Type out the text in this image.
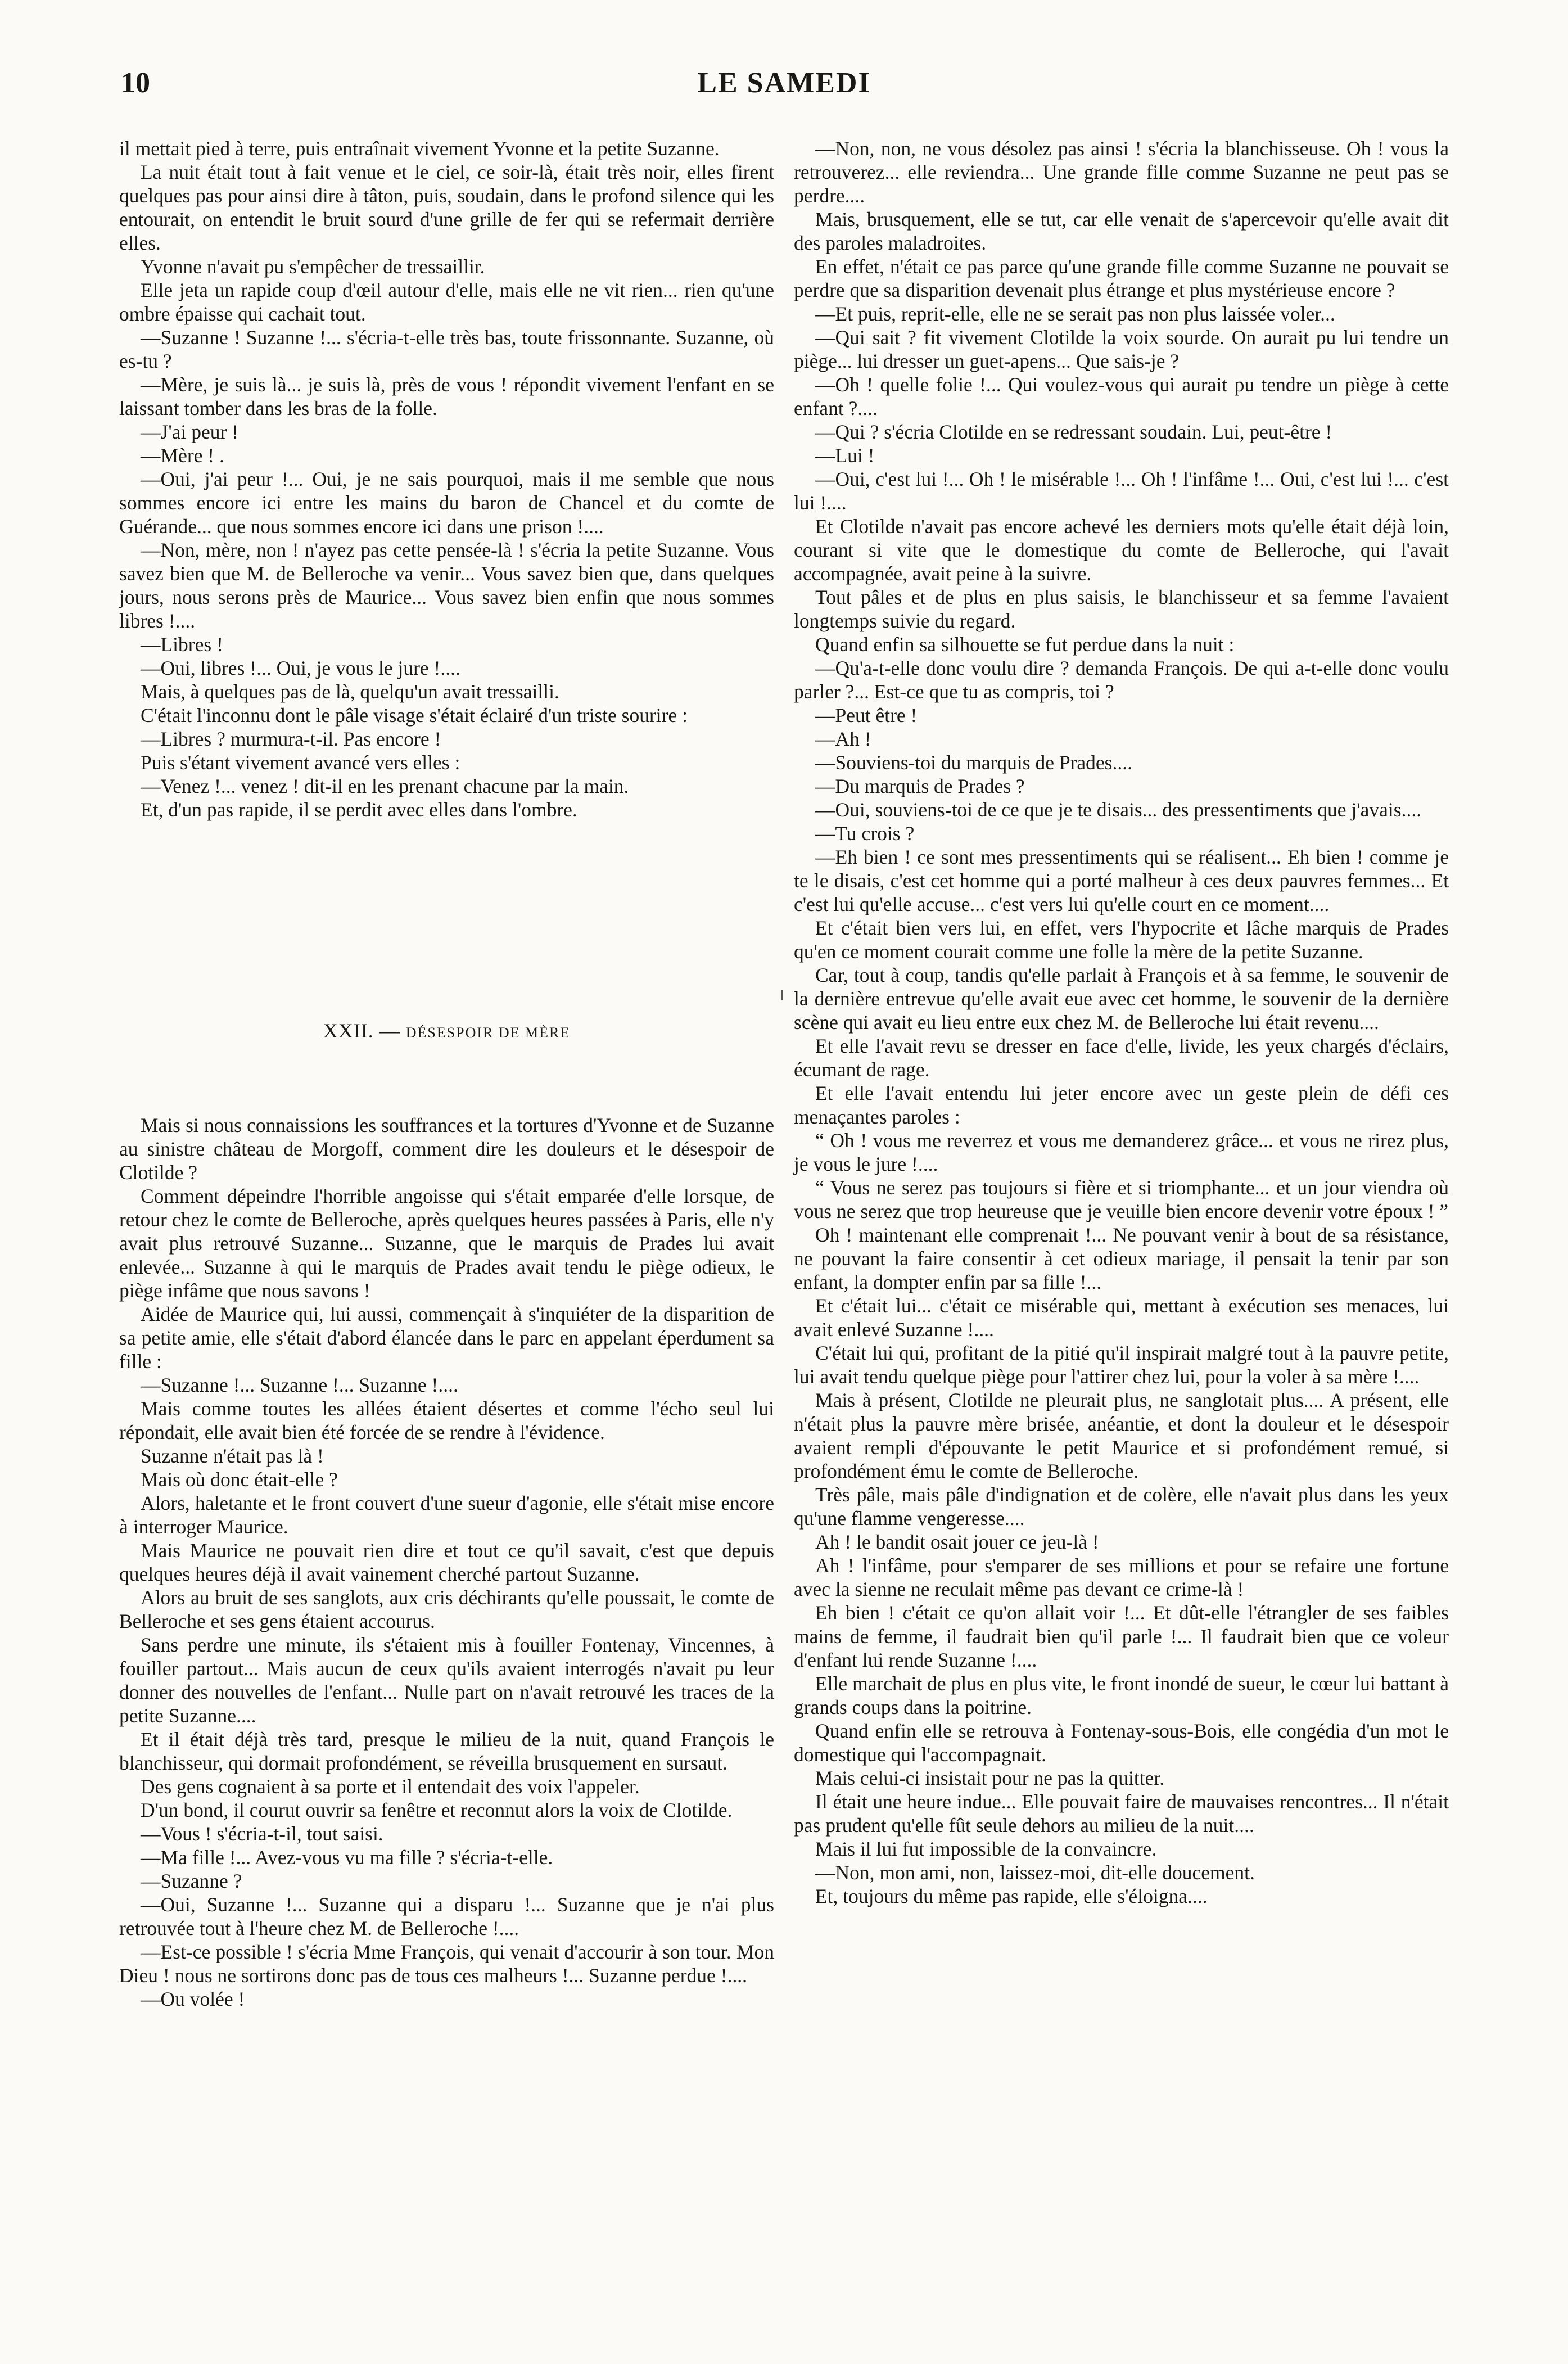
10	LE SAMEDI

il mettait pied à terre, puis entraînait vivement Yvonne et la petite Suzanne.

La nuit était tout à fait venue et le ciel, ce soir-là, était très noir, elles firent quelques pas pour ainsi dire à tâton, puis, soudain, dans le profond silence qui les entourait, on entendit le bruit sourd d'une grille de fer qui se refermait derrière elles.

Yvonne n'avait pu s'empêcher de tressaillir.

Elle jeta un rapide coup d'œil autour d'elle, mais elle ne vit rien... rien qu'une ombre épaisse qui cachait tout.

—Suzanne ! Suzanne !... s'écria-t-elle très bas, toute frissonnante. Suzanne, où es-tu ?

—Mère, je suis là... je suis là, près de vous ! répondit vivement l'enfant en se laissant tomber dans les bras de la folle.

—J'ai peur !

—Mère ! .

—Oui, j'ai peur !... Oui, je ne sais pourquoi, mais il me semble que nous sommes encore ici entre les mains du baron de Chancel et du comte de Guérande... que nous sommes encore ici dans une prison !....

—Non, mère, non ! n'ayez pas cette pensée-là ! s'écria la petite Suzanne. Vous savez bien que M. de Belleroche va venir... Vous savez bien que, dans quelques jours, nous serons près de Maurice... Vous savez bien enfin que nous sommes libres !....

—Libres !

—Oui, libres !... Oui, je vous le jure !....

Mais, à quelques pas de là, quelqu'un avait tressailli.

C'était l'inconnu dont le pâle visage s'était éclairé d'un triste sourire :

—Libres ? murmura-t-il. Pas encore !

Puis s'étant vivement avancé vers elles :

—Venez !... venez ! dit-il en les prenant chacune par la main.

Et, d'un pas rapide, il se perdit avec elles dans l'ombre.

XXII. — DÉSESPOIR DE MÈRE

Mais si nous connaissions les souffrances et la tortures d'Yvonne et de Suzanne au sinistre château de Morgoff, comment dire les douleurs et le désespoir de Clotilde ?

Comment dépeindre l'horrible angoisse qui s'était emparée d'elle lorsque, de retour chez le comte de Belleroche, après quelques heures passées à Paris, elle n'y avait plus retrouvé Suzanne... Suzanne, que le marquis de Prades lui avait enlevée... Suzanne à qui le marquis de Prades avait tendu le piège odieux, le piège infâme que nous savons !

Aidée de Maurice qui, lui aussi, commençait à s'inquiéter de la disparition de sa petite amie, elle s'était d'abord élancée dans le parc en appelant éperdument sa fille :

—Suzanne !... Suzanne !... Suzanne !....

Mais comme toutes les allées étaient désertes et comme l'écho seul lui répondait, elle avait bien été forcée de se rendre à l'évidence.

Suzanne n'était pas là !

Mais où donc était-elle ?

Alors, haletante et le front couvert d'une sueur d'agonie, elle s'était mise encore à interroger Maurice.

Mais Maurice ne pouvait rien dire et tout ce qu'il savait, c'est que depuis quelques heures déjà il avait vainement cherché partout Suzanne.

Alors au bruit de ses sanglots, aux cris déchirants qu'elle poussait, le comte de Belleroche et ses gens étaient accourus.

Sans perdre une minute, ils s'étaient mis à fouiller Fontenay, Vincennes, à fouiller partout... Mais aucun de ceux qu'ils avaient interrogés n'avait pu leur donner des nouvelles de l'enfant... Nulle part on n'avait retrouvé les traces de la petite Suzanne....

Et il était déjà très tard, presque le milieu de la nuit, quand François le blanchisseur, qui dormait profondément, se réveilla brusquement en sursaut.

Des gens cognaient à sa porte et il entendait des voix l'appeler.

D'un bond, il courut ouvrir sa fenêtre et reconnut alors la voix de Clotilde.

—Vous ! s'écria-t-il, tout saisi.

—Ma fille !... Avez-vous vu ma fille ? s'écria-t-elle.

—Suzanne ?

—Oui, Suzanne !... Suzanne qui a disparu !... Suzanne que je n'ai plus retrouvée tout à l'heure chez M. de Belleroche !....

—Est-ce possible ! s'écria Mme François, qui venait d'accourir à son tour. Mon Dieu ! nous ne sortirons donc pas de tous ces malheurs !... Suzanne perdue !....

—Ou volée !

—Non, non, ne vous désolez pas ainsi ! s'écria la blanchisseuse. Oh ! vous la retrouverez... elle reviendra... Une grande fille comme Suzanne ne peut pas se perdre....

Mais, brusquement, elle se tut, car elle venait de s'apercevoir qu'elle avait dit des paroles maladroites.

En effet, n'était ce pas parce qu'une grande fille comme Suzanne ne pouvait se perdre que sa disparition devenait plus étrange et plus mystérieuse encore ?

—Et puis, reprit-elle, elle ne se serait pas non plus laissée voler...

—Qui sait ? fit vivement Clotilde la voix sourde. On aurait pu lui tendre un piège... lui dresser un guet-apens... Que sais-je ?

—Oh ! quelle folie !... Qui voulez-vous qui aurait pu tendre un piège à cette enfant ?....

—Qui ? s'écria Clotilde en se redressant soudain. Lui, peut-être !

—Lui !

—Oui, c'est lui !... Oh ! le misérable !... Oh ! l'infâme !... Oui, c'est lui !... c'est lui !....

Et Clotilde n'avait pas encore achevé les derniers mots qu'elle était déjà loin, courant si vite que le domestique du comte de Belleroche, qui l'avait accompagnée, avait peine à la suivre.

Tout pâles et de plus en plus saisis, le blanchisseur et sa femme l'avaient longtemps suivie du regard.

Quand enfin sa silhouette se fut perdue dans la nuit :

—Qu'a-t-elle donc voulu dire ? demanda François. De qui a-t-elle donc voulu parler ?... Est-ce que tu as compris, toi ?

—Peut être !

—Ah !

—Souviens-toi du marquis de Prades....

—Du marquis de Prades ?

—Oui, souviens-toi de ce que je te disais... des pressentiments que j'avais....

—Tu crois ?

—Eh bien ! ce sont mes pressentiments qui se réalisent... Eh bien ! comme je te le disais, c'est cet homme qui a porté malheur à ces deux pauvres femmes... Et c'est lui qu'elle accuse... c'est vers lui qu'elle court en ce moment....

Et c'était bien vers lui, en effet, vers l'hypocrite et lâche marquis de Prades qu'en ce moment courait comme une folle la mère de la petite Suzanne.

Car, tout à coup, tandis qu'elle parlait à François et à sa femme, le souvenir de la dernière entrevue qu'elle avait eue avec cet homme, le souvenir de la dernière scène qui avait eu lieu entre eux chez M. de Belleroche lui était revenu....

Et elle l'avait revu se dresser en face d'elle, livide, les yeux chargés d'éclairs, écumant de rage.

Et elle l'avait entendu lui jeter encore avec un geste plein de défi ces menaçantes paroles :

“ Oh ! vous me reverrez et vous me demanderez grâce... et vous ne rirez plus, je vous le jure !....

“ Vous ne serez pas toujours si fière et si triomphante... et un jour viendra où vous ne serez que trop heureuse que je veuille bien encore devenir votre époux ! ”

Oh ! maintenant elle comprenait !... Ne pouvant venir à bout de sa résistance, ne pouvant la faire consentir à cet odieux mariage, il pensait la tenir par son enfant, la dompter enfin par sa fille !...

Et c'était lui... c'était ce misérable qui, mettant à exécution ses menaces, lui avait enlevé Suzanne !....

C'était lui qui, profitant de la pitié qu'il inspirait malgré tout à la pauvre petite, lui avait tendu quelque piège pour l'attirer chez lui, pour la voler à sa mère !....

Mais à présent, Clotilde ne pleurait plus, ne sanglotait plus.... A présent, elle n'était plus la pauvre mère brisée, anéantie, et dont la douleur et le désespoir avaient rempli d'épouvante le petit Maurice et si profondément remué, si profondément ému le comte de Belleroche.

Très pâle, mais pâle d'indignation et de colère, elle n'avait plus dans les yeux qu'une flamme vengeresse....

Ah ! le bandit osait jouer ce jeu-là !

Ah ! l'infâme, pour s'emparer de ses millions et pour se refaire une fortune avec la sienne ne reculait même pas devant ce crime-là !

Eh bien ! c'était ce qu'on allait voir !... Et dût-elle l'étrangler de ses faibles mains de femme, il faudrait bien qu'il parle !... Il faudrait bien que ce voleur d'enfant lui rende Suzanne !....

Elle marchait de plus en plus vite, le front inondé de sueur, le cœur lui battant à grands coups dans la poitrine.

Quand enfin elle se retrouva à Fontenay-sous-Bois, elle congédia d'un mot le domestique qui l'accompagnait.

Mais celui-ci insistait pour ne pas la quitter.

Il était une heure indue... Elle pouvait faire de mauvaises rencontres... Il n'était pas prudent qu'elle fût seule dehors au milieu de la nuit....

Mais il lui fut impossible de la convaincre.

—Non, mon ami, non, laissez-moi, dit-elle doucement.

Et, toujours du même pas rapide, elle s'éloigna....
